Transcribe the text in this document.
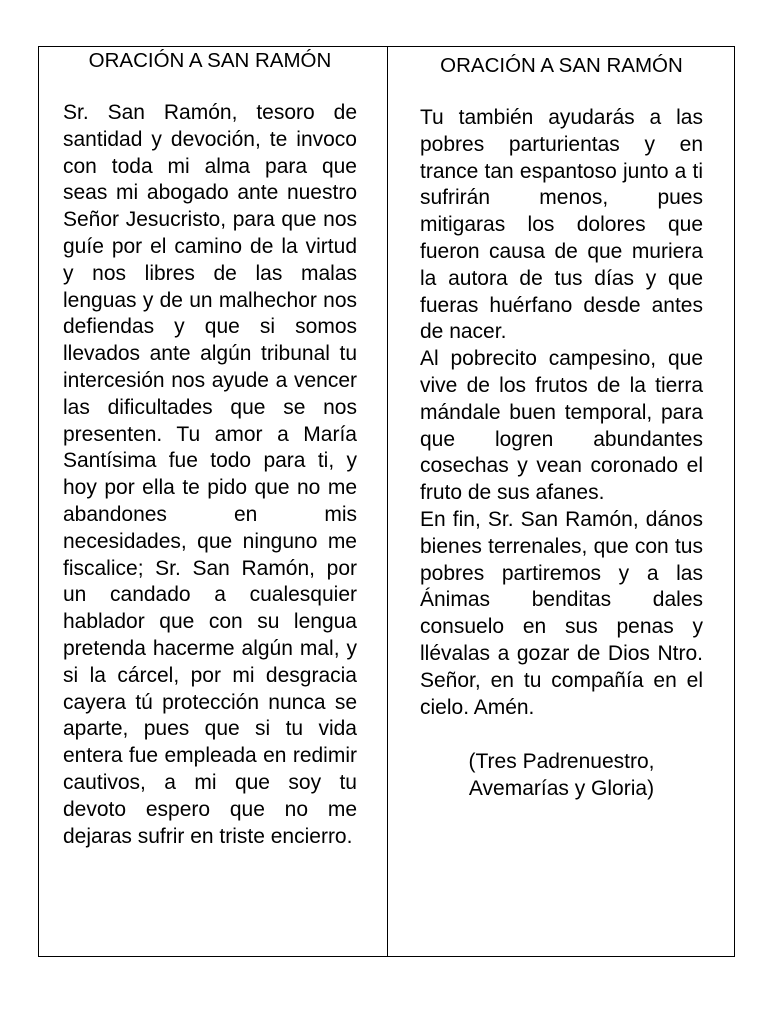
ORACIÓN A SAN RAMÓN

Sr. San Ramón, tesoro de santidad y devoción, te invoco con toda mi alma para que seas mi abogado ante nuestro Señor Jesucristo, para que nos guíe por el camino de la virtud y nos libres de las malas lenguas y de un malhechor nos defiendas y que si somos llevados ante algún tribunal tu intercesión nos ayude a vencer las dificultades que se nos presenten. Tu amor a María Santísima fue todo para ti, y hoy por ella te pido que no me abandones en mis necesidades, que ninguno me fiscalice; Sr. San Ramón, por un candado a cualesquier hablador que con su lengua pretenda hacerme algún mal, y si la cárcel, por mi desgracia cayera tú protección nunca se aparte, pues que si tu vida entera fue empleada en redimir cautivos, a mi que soy tu devoto espero que no me dejaras sufrir en triste encierro.

ORACIÓN A SAN RAMÓN

Tu también ayudarás a las pobres parturientas y en trance tan espantoso junto a ti sufrirán menos, pues mitigaras los dolores que fueron causa de que muriera la autora de tus días y que fueras huérfano desde antes de nacer.

Al pobrecito campesino, que vive de los frutos de la tierra mándale buen temporal, para que logren abundantes cosechas y vean coronado el fruto de sus afanes.

En fin, Sr. San Ramón, dános bienes terrenales, que con tus pobres partiremos y a las Ánimas benditas dales consuelo en sus penas y llévalas a gozar de Dios Ntro. Señor, en tu compañía en el cielo. Amén.

(Tres Padrenuestro,
Avemarías y Gloria)
